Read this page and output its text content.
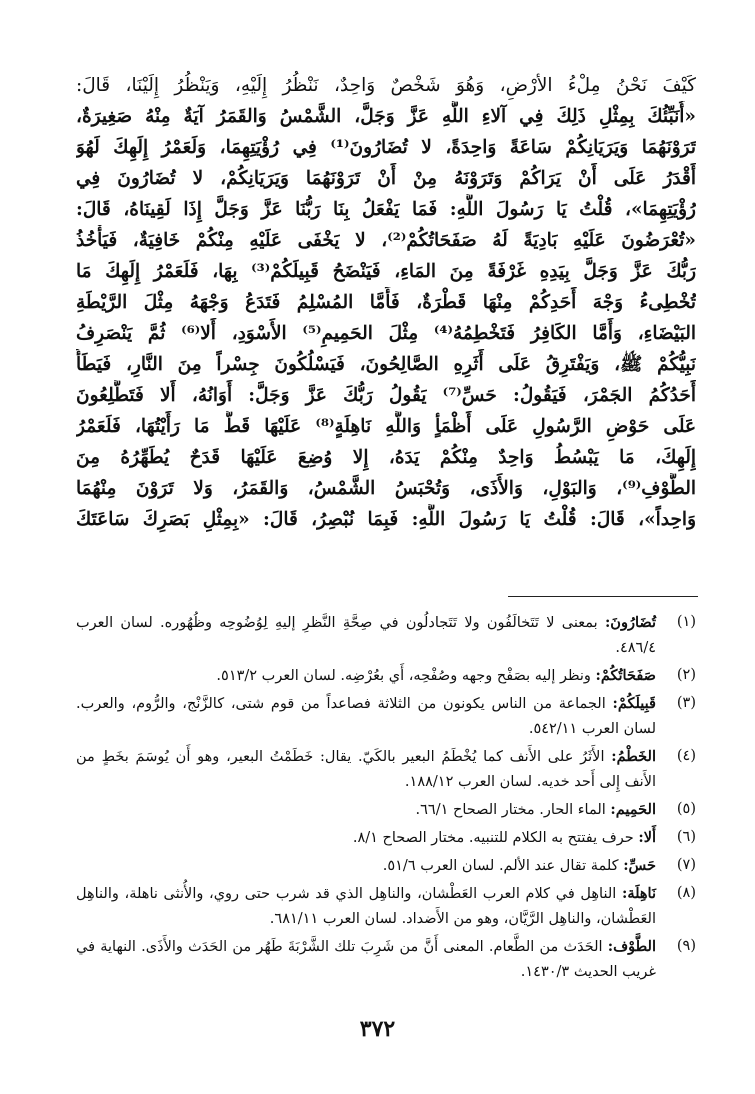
كَيْفَ نَحْنُ مِلْءُ الأرْضِ، وَهُوَ شَخْصٌ وَاحِدٌ، نَنْظُرُ إِلَيْهِ، وَيَنْظُرُ إِلَيْنَا، قَالَ:
«أُنَبِّئُكَ بِمِثْلِ ذَلِكَ فِي آلاءِ اللَّهِ عَزَّ وَجَلَّ، الشَّمْسُ وَالقَمَرُ آيَةٌ مِنْهُ صَغِيرَةٌ،
تَرَوْنَهُمَا وَيَرَيَانِكُمْ سَاعَةً وَاحِدَةً، لا تُضَارُونَ⁽¹⁾ فِي رُؤْيَتِهِمَا، وَلَعَمْرُ إِلَهِكَ لَهُوَ
أَقْدَرُ عَلَى أَنْ يَرَاكُمْ وَتَرَوْنَهُ مِنْ أَنْ تَرَوْنَهُمَا وَيَرَيَانِكُمْ، لا تُضَارُونَ فِي
رُؤْيَتِهِمَا»، قُلْتُ يَا رَسُولَ اللَّهِ: فَمَا يَفْعَلُ بِنَا رَبُّنَا عَزَّ وَجَلَّ إِذَا لَقِينَاهُ، قَالَ:
«تُعْرَضُونَ عَلَيْهِ بَادِيَةً لَهُ صَفَحَاتُكُمْ⁽²⁾، لا يَخْفَى عَلَيْهِ مِنْكُمْ خَافِيَةٌ، فَيَأْخُذُ
رَبُّكَ عَزَّ وَجَلَّ بِيَدِهِ غَرْفَةً مِنَ المَاءِ، فَيَنْضَحُ قَبِيلَكُمْ⁽³⁾ بِهَا، فَلَعَمْرُ إِلَهِكَ مَا
تُخْطِىءُ وَجْهَ أَحَدِكُمْ مِنْهَا قَطْرَةٌ، فَأَمَّا المُسْلِمُ فَتَدَعُ وَجْهَهُ مِثْلَ الرَّيْطَةِ
البَيْضَاءِ، وَأَمَّا الكَافِرُ فَتَخْطِمُهُ⁽⁴⁾ مِثْلَ الحَمِيمِ⁽⁵⁾ الأَسْوَدِ، أَلا⁽⁶⁾ ثُمَّ يَنْصَرِفُ
نَبِيُّكُمْ ﷺ، وَيَفْتَرِقُ عَلَى أَثَرِهِ الصَّالِحُونَ، فَيَسْلُكُونَ جِسْراً مِنَ النَّارِ، فَيَطَأُ
أَحَدُكُمُ الجَمْرَ، فَيَقُولُ: حَسِّ⁽⁷⁾ يَقُولُ رَبُّكَ عَزَّ وَجَلَّ: أَوَانُهُ، أَلا فَتَطَّلِعُونَ
عَلَى حَوْضِ الرَّسُولِ عَلَى أَظْمَأٍ وَاللَّهِ نَاهِلَةٍ⁽⁸⁾ عَلَيْهَا قَطُّ مَا رَأَيْتُهَا، فَلَعَمْرُ
إِلَهِكَ، مَا يَبْسُطُ وَاحِدٌ مِنْكُمْ يَدَهُ، إِلا وُضِعَ عَلَيْهَا قَدَحٌ يُطَهِّرُهُ مِنَ
الطَّوْفِ⁽⁹⁾، وَالبَوْلِ، وَالأَذَى، وَتُحْبَسُ الشَّمْسُ، وَالقَمَرُ، وَلا تَرَوْنَ مِنْهُمَا
وَاحِداً»، قَالَ: قُلْتُ يَا رَسُولَ اللَّهِ: فَبِمَا نُبْصِرُ، قَالَ: «بِمِثْلِ بَصَرِكَ سَاعَتَكَ
(١)
تُضَارُونَ: بمعنى لا تَتَخالَفُون ولا تَتَجادلُون في صِحَّةِ النَّظرِ إليهِ لِوُضُوحِه وظُهُوره. لسان العرب ٤٨٦/٤.
(٢)
صَفَحَاتُكُمْ: ونظر إليه بصَفْح وجهه وصُفْحِه، أَي بعُرْضِه. لسان العرب ٥١٣/٢.
(٣)
قَبِيلَكُمْ: الجماعة من الناس يكونون من الثلاثة فصاعداً من قوم شتى، كالزَّنْج، والرُّوم، والعرب. لسان العرب ٥٤٢/١١.
(٤)
الخَطْمُ: الأَثَرُ على الأَنف كما يُخْطَمُ البعير بالكَيّ. يقال: خَطَمْتُ البعير، وهو أَن يُوسَمَ بخَطٍ من الأَنف إِلى أَحد خديه. لسان العرب ١٨٨/١٢.
(٥)
الحَمِيم: الماء الحار. مختار الصحاح ٦٦/١.
(٦)
أَلا: حرف يفتتح به الكلام للتنبيه. مختار الصحاح ٨/١.
(٧)
حَسِّ: كلمة تقال عند الألم. لسان العرب ٥١/٦.
(٨)
نَاهِلَة: الناهِل في كلام العرب العَطْشان، والناهِل الذي قد شرب حتى روي، والأُنثى ناهلة، والناهِل العَطْشان، والناهِل الرَّيَّان، وهو من الأَضداد. لسان العرب ٦٨١/١١.
(٩)
الطَّوْف: الحَدَث من الطَّعام. المعنى أَنَّ من شَرِبَ تلك الشَّرْبَةَ طَهُر من الحَدَث والأَذَى. النهاية في غريب الحديث ١٤٣٠/٣.
٣٧٢
